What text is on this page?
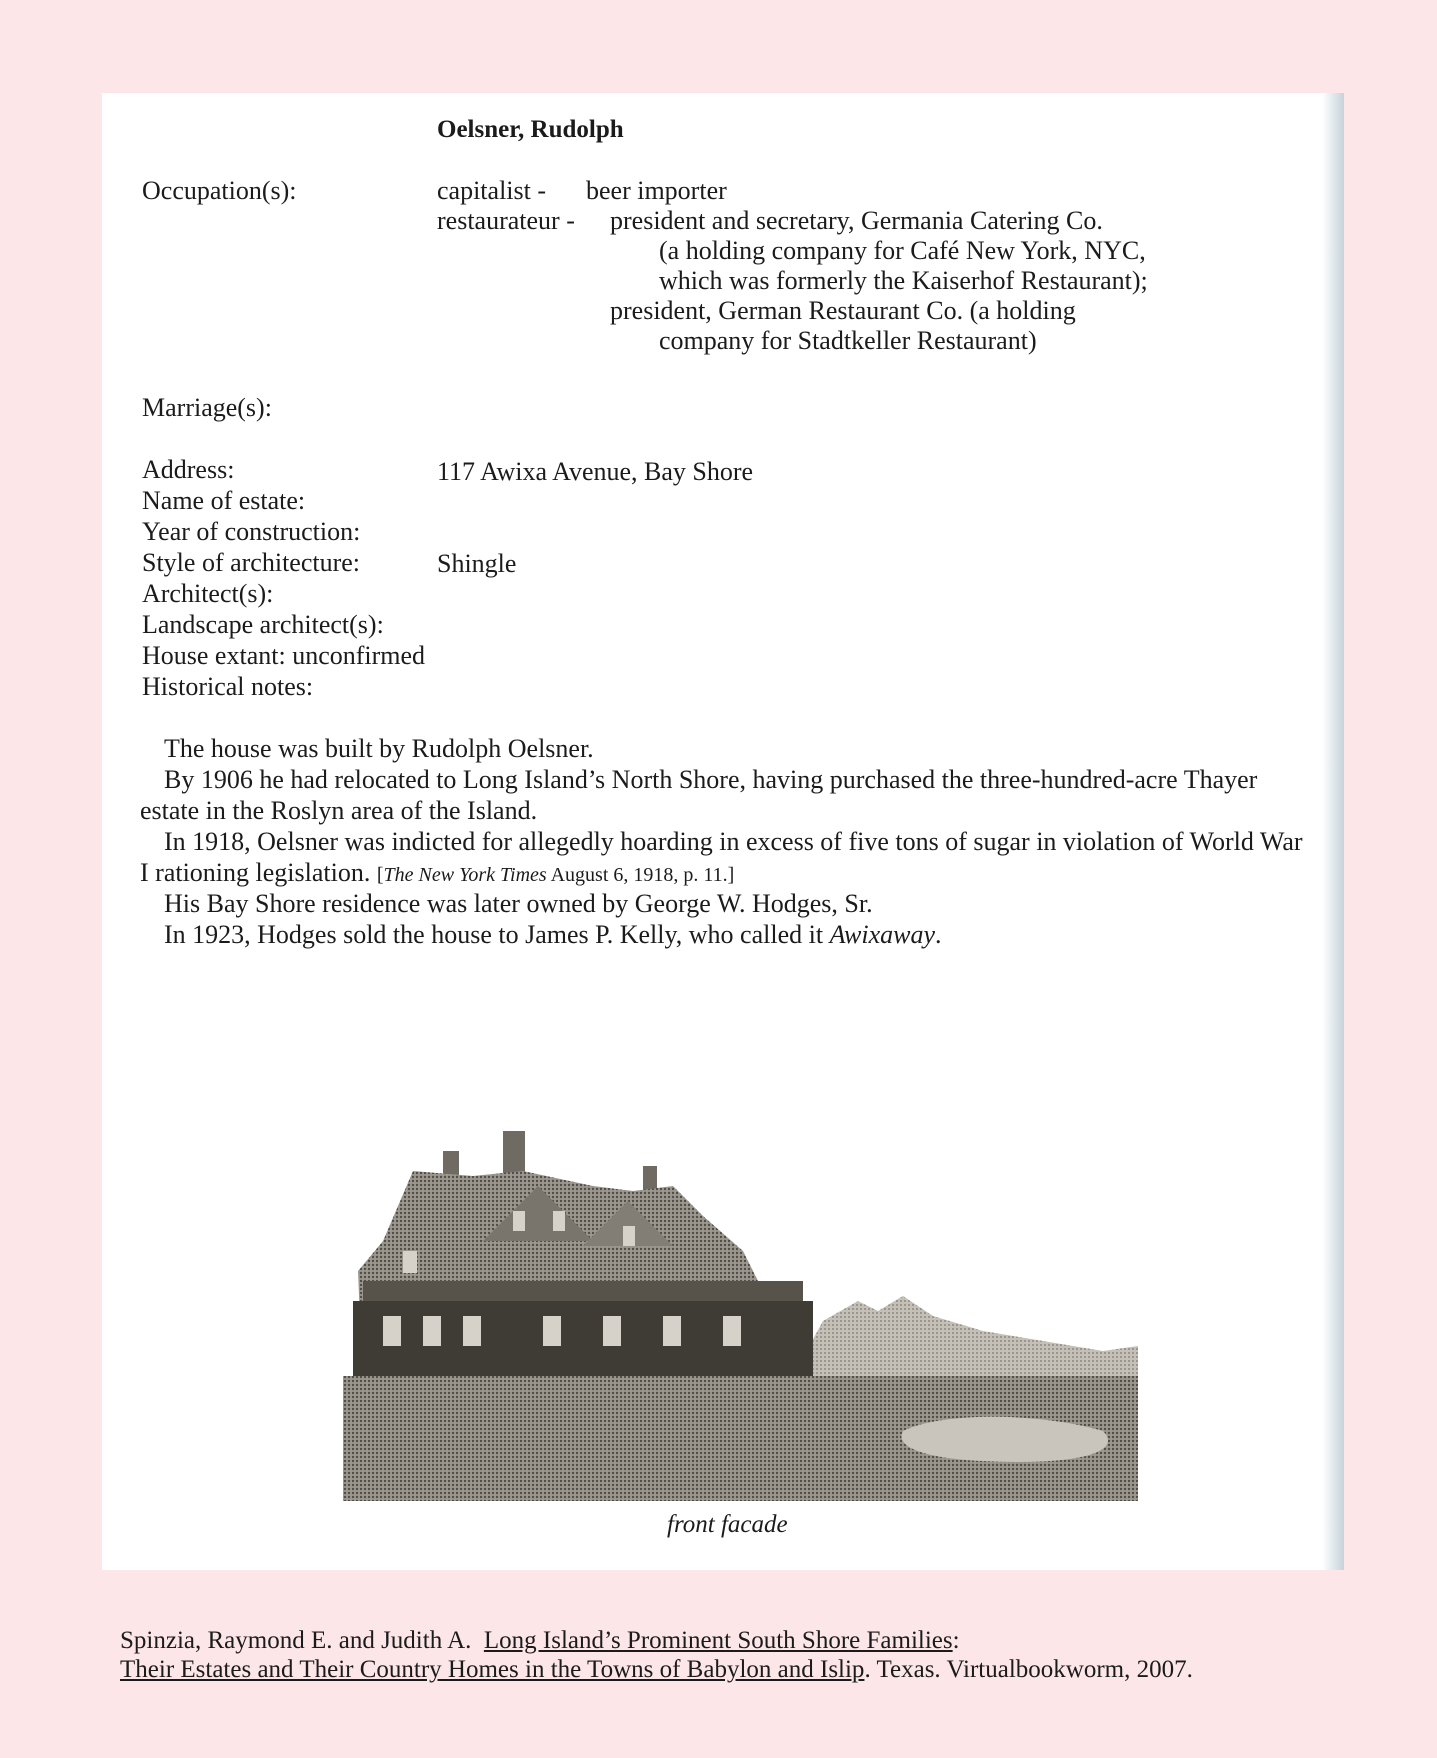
Oelsner, Rudolph
Occupation(s):	capitalist - beer importer
restaurateur - president and secretary, Germania Catering Co.
(a holding company for Café New York, NYC,
which was formerly the Kaiserhof Restaurant);
president, German Restaurant Co. (a holding
company for Stadtkeller Restaurant)
Marriage(s):
Address:	117 Awixa Avenue, Bay Shore
Name of estate:
Year of construction:
Style of architecture:	Shingle
Architect(s):
Landscape architect(s):
House extant: unconfirmed
Historical notes:
The house was built by Rudolph Oelsner.
By 1906 he had relocated to Long Island’s North Shore, having purchased the three-hundred-acre Thayer estate in the Roslyn area of the Island.
In 1918, Oelsner was indicted for allegedly hoarding in excess of five tons of sugar in violation of World War I rationing legislation. [The New York Times August 6, 1918, p. 11.]
His Bay Shore residence was later owned by George W. Hodges, Sr.
In 1923, Hodges sold the house to James P. Kelly, who called it Awixaway.
front facade
Spinzia, Raymond E. and Judith A. Long Island’s Prominent South Shore Families:
Their Estates and Their Country Homes in the Towns of Babylon and Islip. Texas. Virtualbookworm, 2007.
